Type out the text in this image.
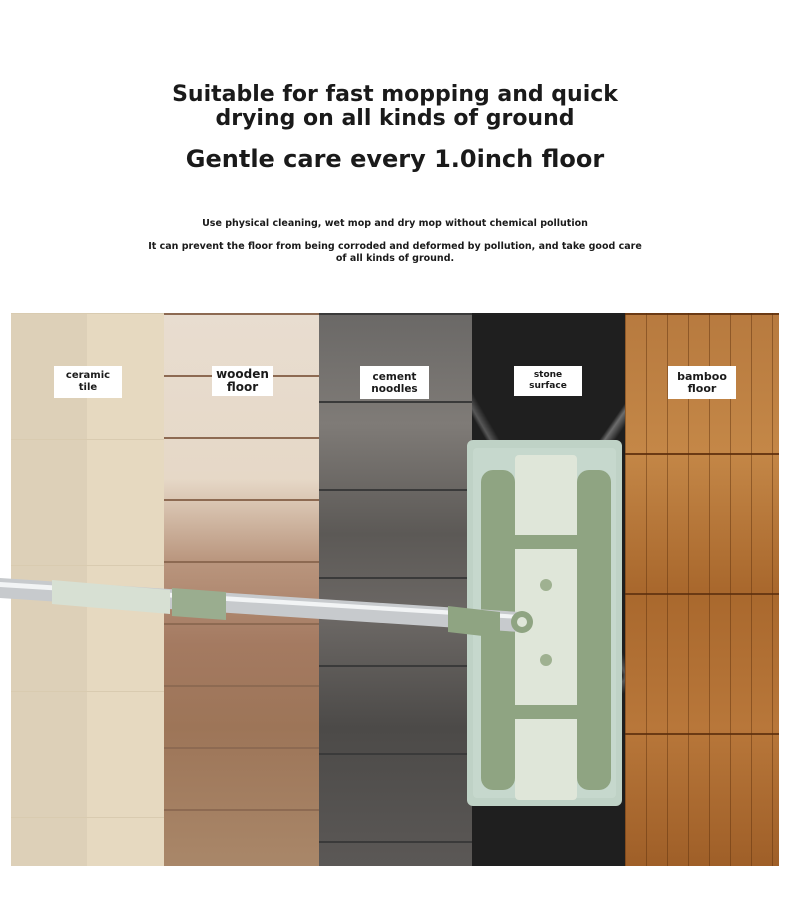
Suitable for fast mopping and quick
drying on all kinds of ground
Gentle care every 1.0inch floor
Use physical cleaning, wet mop and dry mop without chemical pollution
It can prevent the floor from being corroded and deformed by pollution, and take good care
of all kinds of ground.
ceramic
tile
wooden
floor
cement
noodles
stone surface
bamboo
floor
